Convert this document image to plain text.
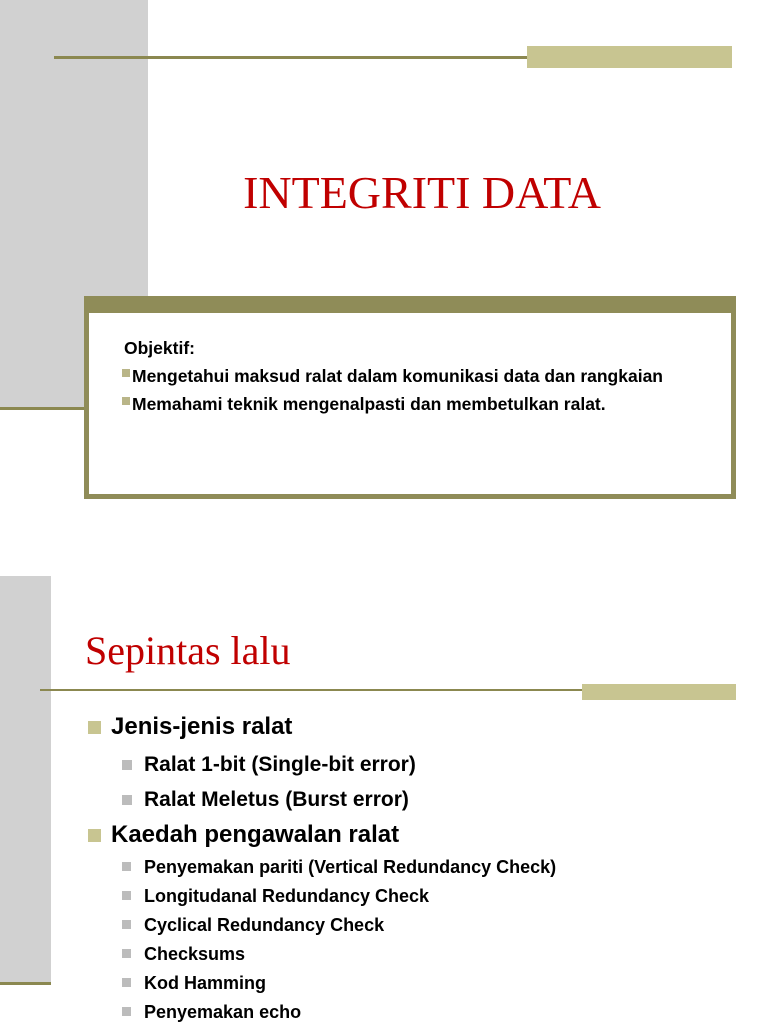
INTEGRITI DATA
Objektif:
Mengetahui maksud ralat dalam komunikasi data dan rangkaian
Memahami teknik mengenalpasti dan membetulkan ralat.
Sepintas lalu
Jenis-jenis ralat
Ralat 1-bit (Single-bit error)
Ralat Meletus (Burst error)
Kaedah pengawalan ralat
Penyemakan pariti (Vertical Redundancy Check)
Longitudanal Redundancy Check
Cyclical Redundancy Check
Checksums
Kod Hamming
Penyemakan echo
